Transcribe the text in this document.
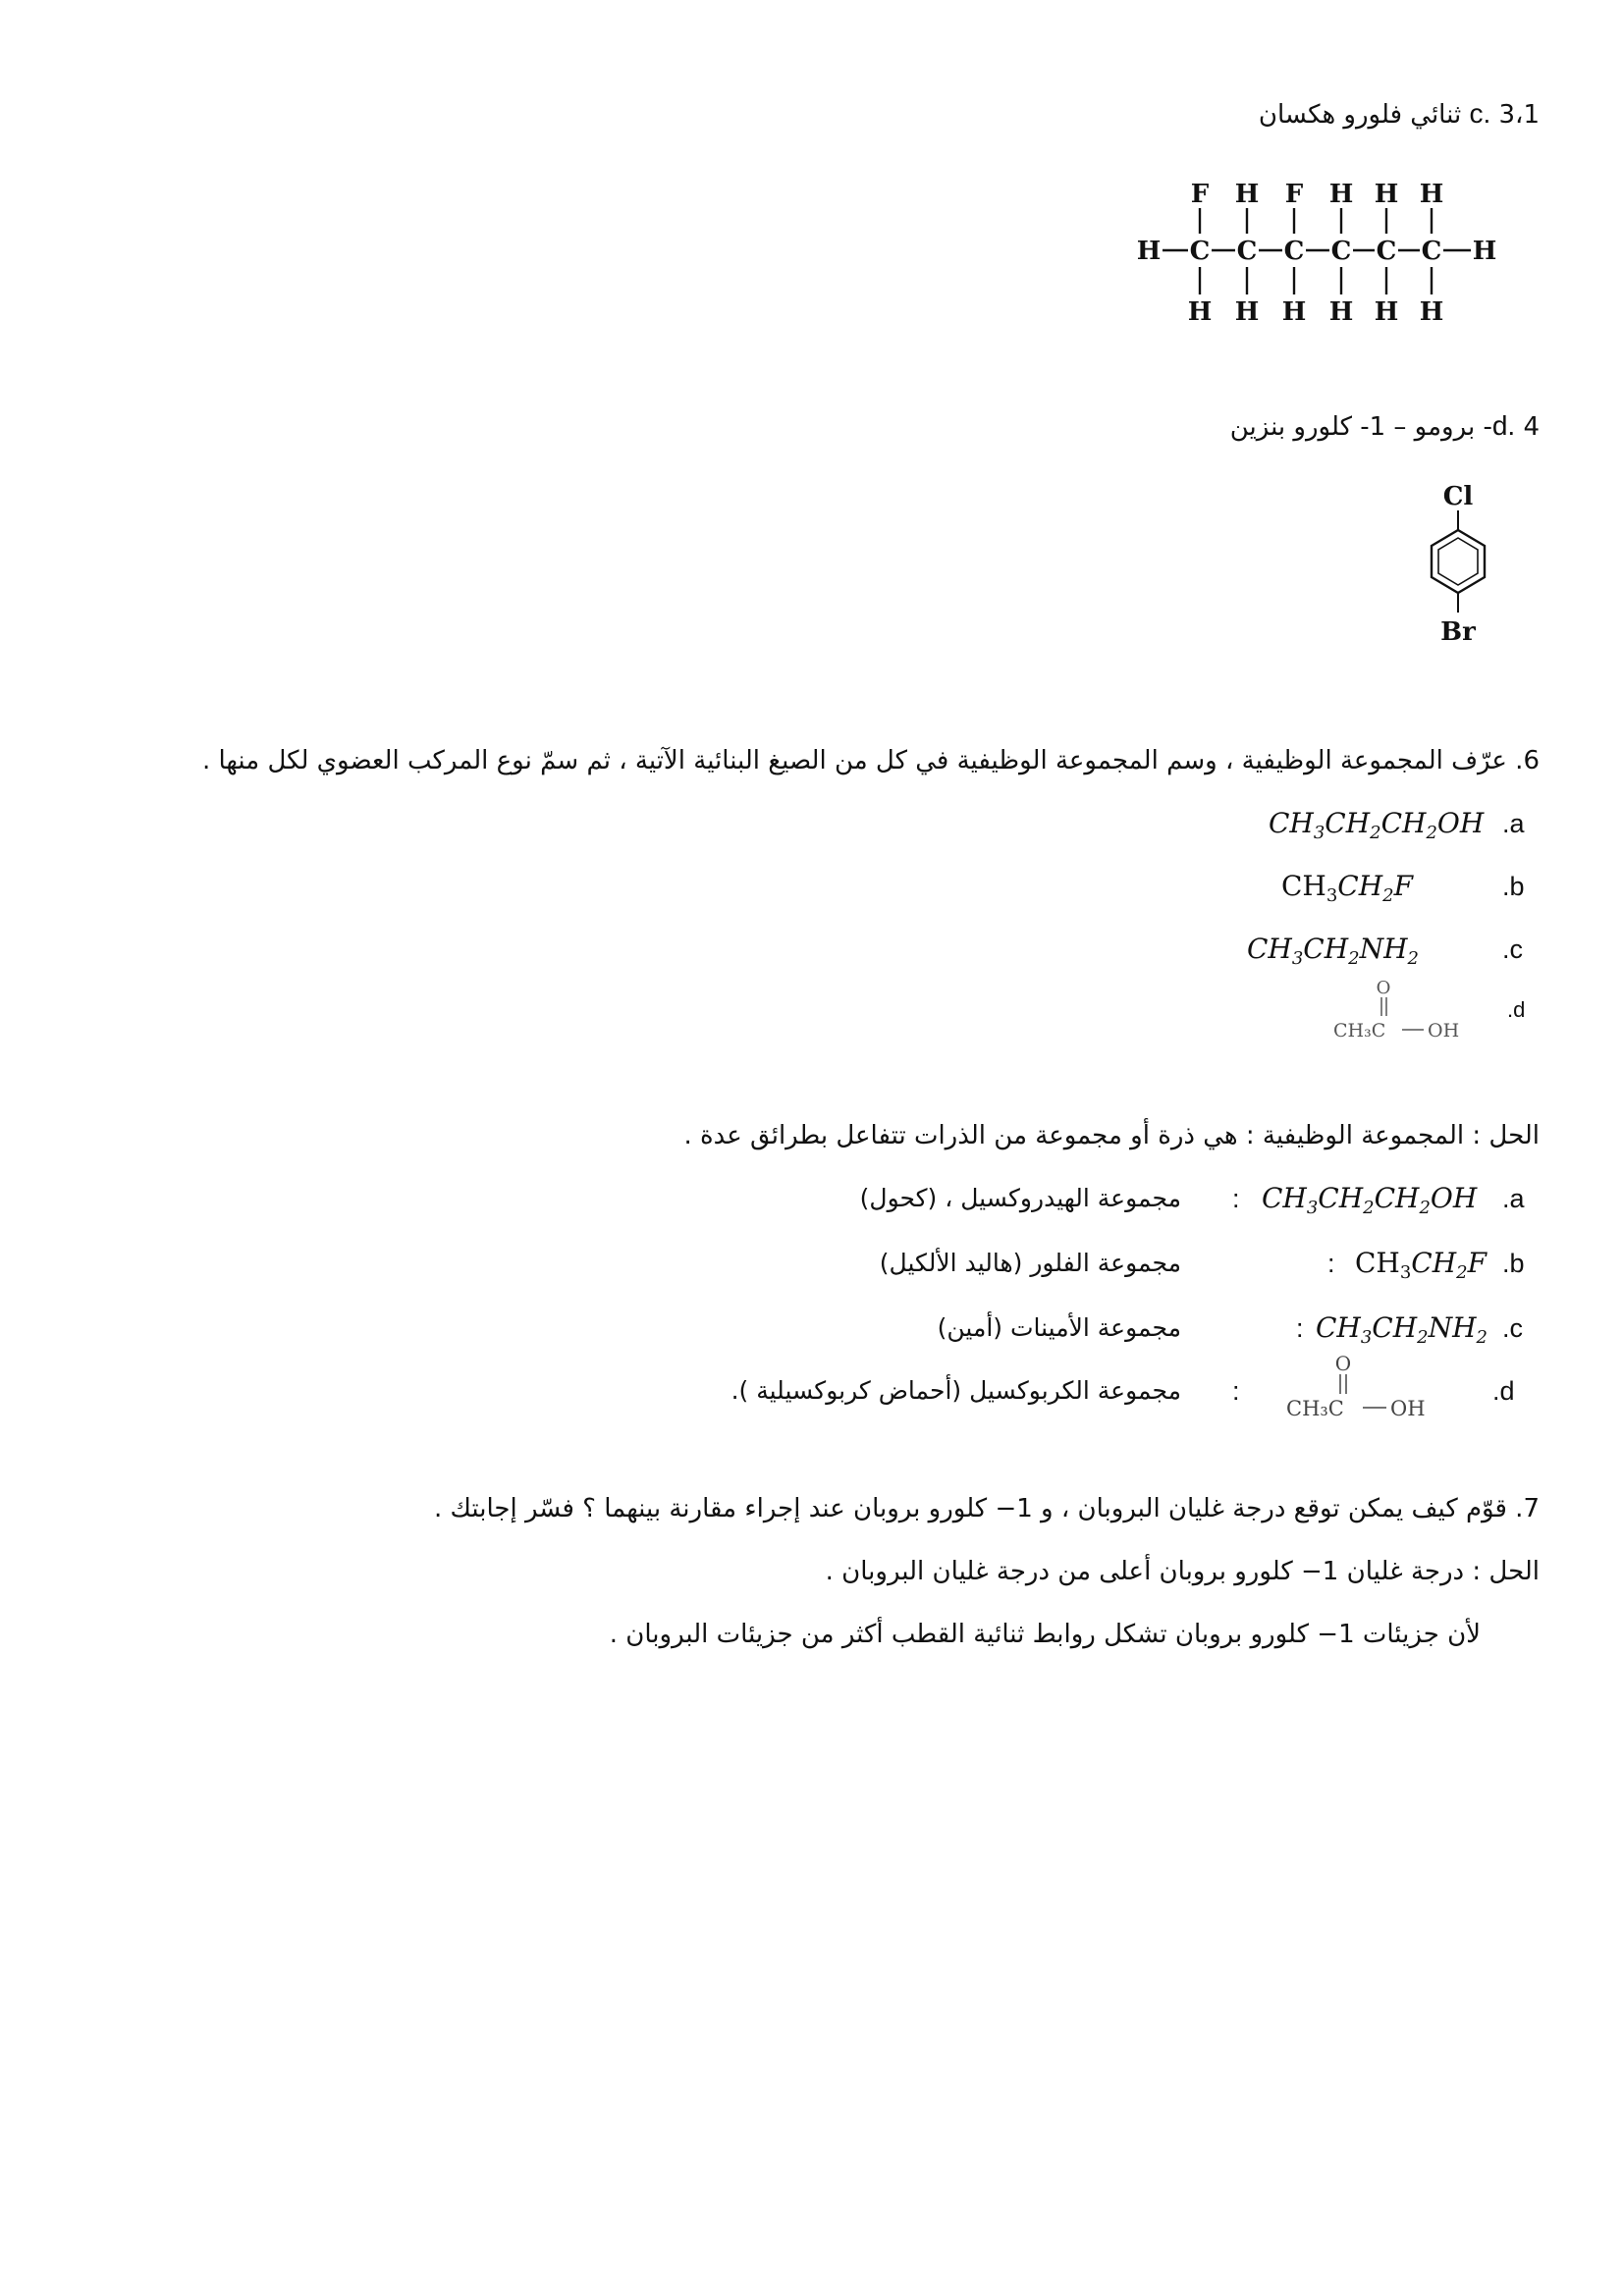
c. 3،1 ثنائي فلورو هكسان
H	H
F H F H H H
C C C C C C
H H H H H H
d. 4- برومو – 1- كلورو بنزين
Cl
Br
6. عرّف المجموعة الوظيفية ، وسم المجموعة الوظيفية في كل من الصيغ البنائية الآتية ، ثم سمّ نوع المركب العضوي لكل منها .
.a
$CH_3CH_2CH_2OH$
.b
$CH_3CH_2F$
.c
$CH_3CH_2NH_2$
.d
O
CH₃C OH
الحل : المجموعة الوظيفية : هي ذرة أو مجموعة من الذرات تتفاعل بطرائق عدة .
.a
$CH_3CH_2CH_2OH$
:
مجموعة الهيدروكسيل ، (كحول)
.b
$CH_3CH_2F$
:
مجموعة الفلور (هاليد الألكيل)
.c
$CH_3CH_2NH_2$
:
مجموعة الأمينات (أمين)
.d
O
CH₃C OH
:
مجموعة الكربوكسيل (أحماض كربوكسيلية ).
7. قوّم كيف يمكن توقع درجة غليان البروبان ، و 1− كلورو بروبان عند إجراء مقارنة بينهما ؟ فسّر إجابتك .
الحل : درجة غليان 1− كلورو بروبان أعلى من درجة غليان البروبان .
لأن جزيئات 1− كلورو بروبان تشكل روابط ثنائية القطب أكثر من جزيئات البروبان .
